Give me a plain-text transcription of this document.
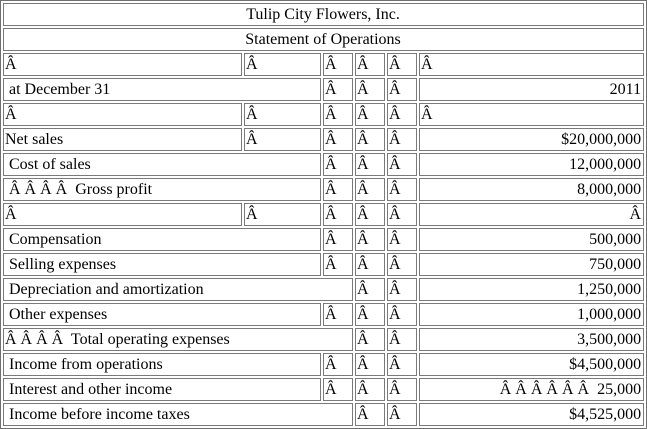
Tulip City Flowers, Inc.					
Statement of Operations					
Â	Â	Â	Â	Â	Â
at December 31		Â	Â	Â	2011
Â	Â	Â	Â	Â	Â
Net sales	Â	Â	Â	Â	$20,000,000
Cost of sales		Â	Â	Â	12,000,000
Â Â Â Â  Gross profit		Â	Â	Â	8,000,000
Â	Â	Â	Â	Â	Â
Compensation		Â	Â	Â	500,000
Selling expenses		Â	Â	Â	750,000
Depreciation and amortization			Â	Â	1,250,000
Other expenses		Â	Â	Â	1,000,000
Â Â Â Â  Total operating expenses			Â	Â	3,500,000
Income from operations		Â	Â	Â	$4,500,000
Interest and other income		Â	Â	Â	Â Â Â Â Â Â  25,000
Income before income taxes			Â	Â	$4,525,000
